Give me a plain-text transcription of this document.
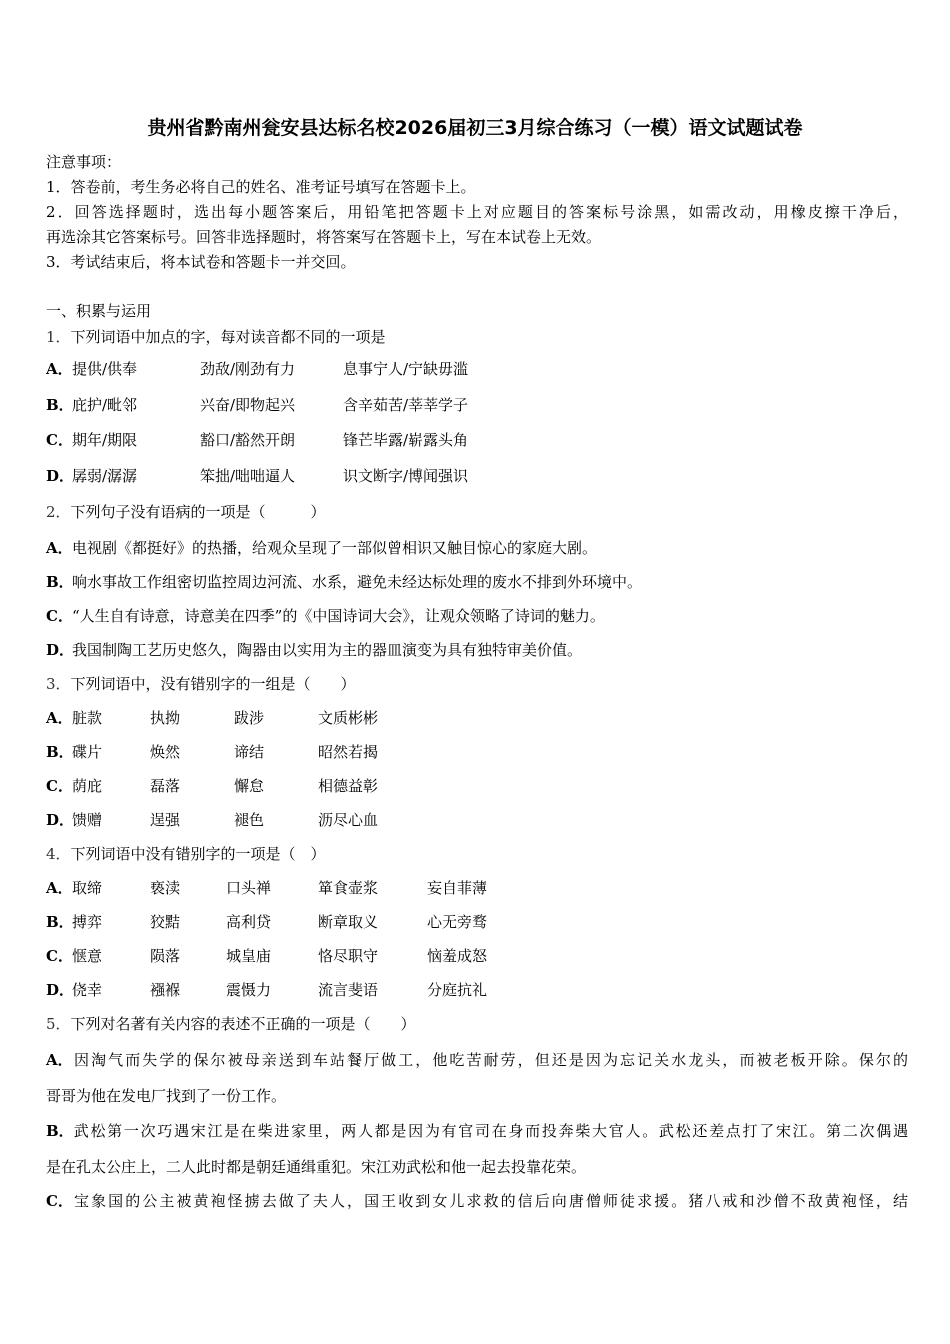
贵州省黔南州瓮安县达标名校2026届初三3月综合练习（一模）语文试题试卷
注意事项：
1．答卷前，考生务必将自己的姓名、准考证号填写在答题卡上。
2．回答选择题时，选出每小题答案后，用铅笔把答题卡上对应题目的答案标号涂黑，如需改动，用橡皮擦干净后，
再选涂其它答案标号。回答非选择题时，将答案写在答题卡上，写在本试卷上无效。
3．考试结束后，将本试卷和答题卡一并交回。
一、积累与运用
1．下列词语中加点的字，每对读音都不同的一项是
A．提供/供奉	劲敌/刚劲有力	息事宁人/宁缺毋滥
B．庇护/毗邻	兴奋/即物起兴	含辛茹苦/莘莘学子
C．期年/期限	豁口/豁然开朗	锋芒毕露/崭露头角
D．孱弱/潺潺	笨拙/咄咄逼人	识文断字/博闻强识
2．下列句子没有语病的一项是（　　　）
A．电视剧《都挺好》的热播，给观众呈现了一部似曾相识又触目惊心的家庭大剧。
B．响水事故工作组密切监控周边河流、水系，避免未经达标处理的废水不排到外环境中。
C．“人生自有诗意，诗意美在四季”的《中国诗词大会》，让观众领略了诗词的魅力。
D．我国制陶工艺历史悠久，陶器由以实用为主的器皿演变为具有独特审美价值。
3．下列词语中，没有错别字的一组是（　　）
A．脏款	执拗	跋涉	文质彬彬
B．碟片	焕然	谛结	昭然若揭
C．荫庇	磊落	懈怠	相德益彰
D．馈赠	逞强	褪色	沥尽心血
4．下列词语中没有错别字的一项是（　）
A．取缔	亵渎	口头禅	箪食壶浆	妄自菲薄
B．搏弈	狡黠	高利贷	断章取义	心无旁骛
C．惬意	陨落	城皇庙	恪尽职守	恼羞成怒
D．侥幸	襁褓	震慑力	流言斐语	分庭抗礼
5．下列对名著有关内容的表述不正确的一项是（　　）
A．因淘气而失学的保尔被母亲送到车站餐厅做工，他吃苦耐劳，但还是因为忘记关水龙头，而被老板开除。保尔的
哥哥为他在发电厂找到了一份工作。
B．武松第一次巧遇宋江是在柴进家里，两人都是因为有官司在身而投奔柴大官人。武松还差点打了宋江。第二次偶遇
是在孔太公庄上，二人此时都是朝廷通缉重犯。宋江劝武松和他一起去投靠花荣。
C．宝象国的公主被黄袍怪掳去做了夫人，国王收到女儿求救的信后向唐僧师徒求援。猪八戒和沙僧不敌黄袍怪，结
